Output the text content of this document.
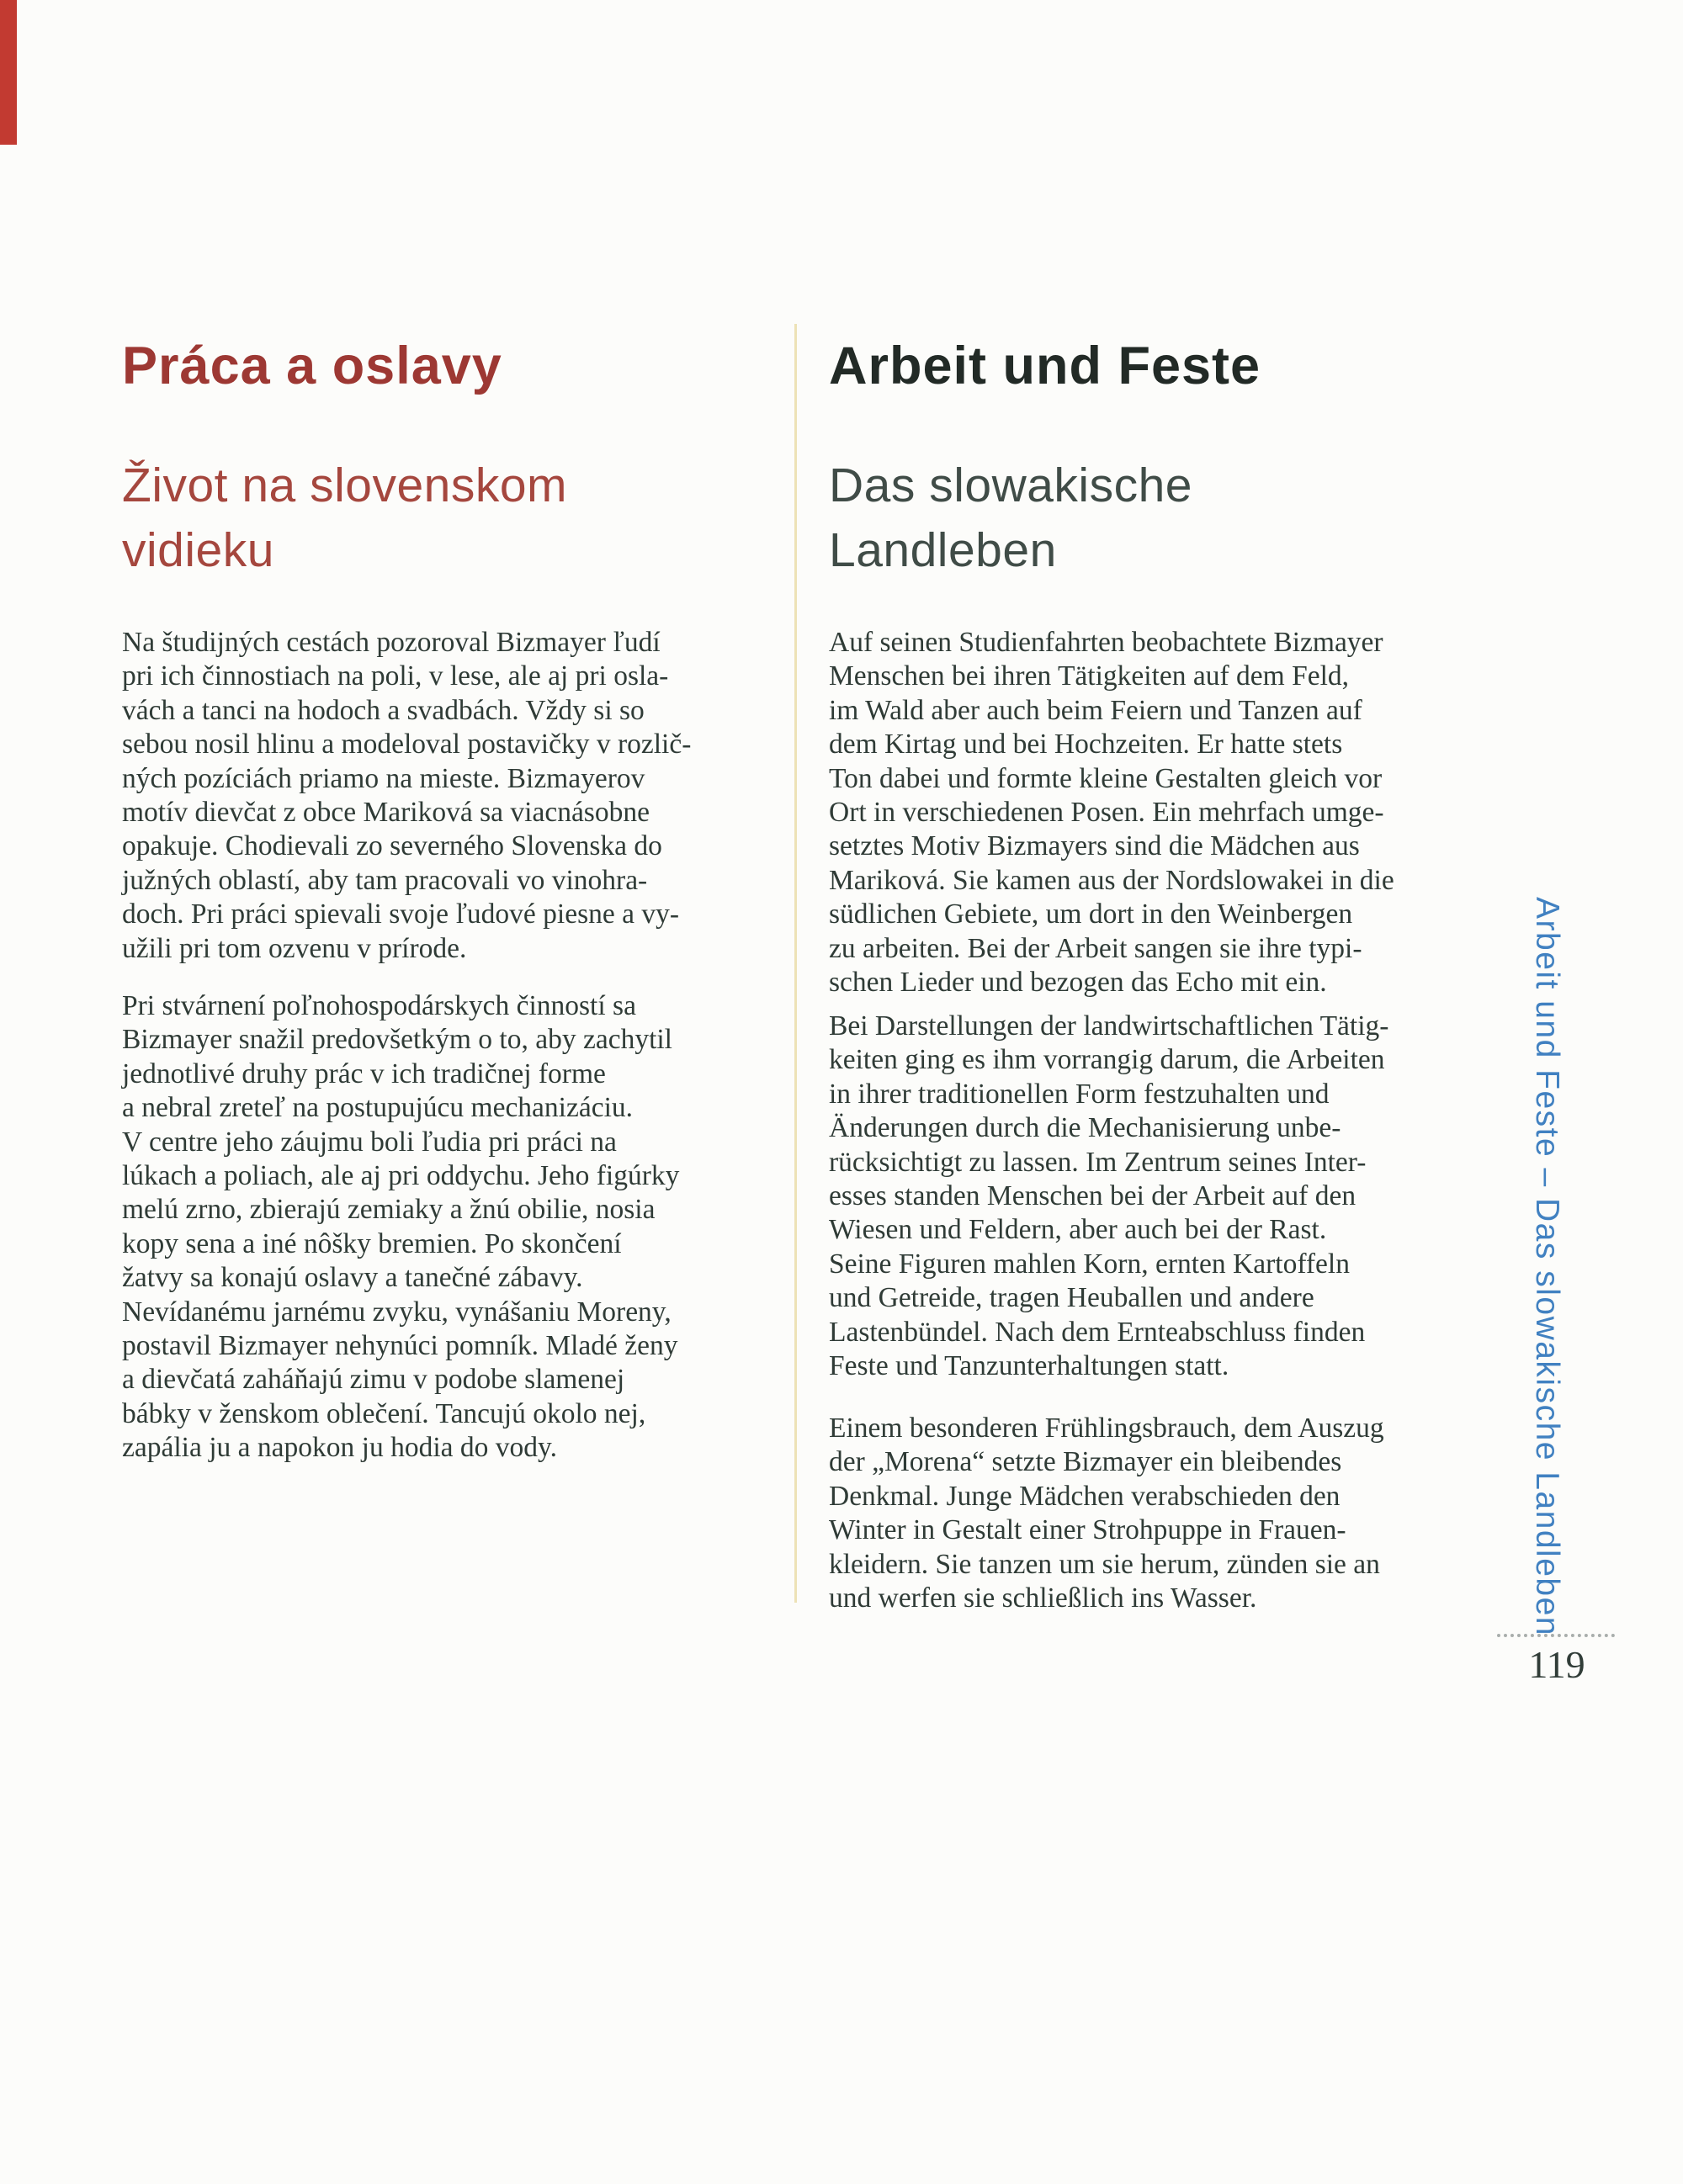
Práca a oslavy
Život na slovenskom
vidieku
Arbeit und Feste
Das slowakische
Landleben
Na študijných cestách pozoroval Bizmayer ľudí
pri ich činnostiach na poli, v lese, ale aj pri osla-
vách a tanci na hodoch a svadbách. Vždy si so
sebou nosil hlinu a modeloval postavičky v rozlič-
ných pozíciách priamo na mieste. Bizmayerov
motív dievčat z obce Mariková sa viacnásobne
opakuje. Chodievali zo severného Slovenska do
južných oblastí, aby tam pracovali vo vinohra-
doch. Pri práci spievali svoje ľudové piesne a vy-
užili pri tom ozvenu v prírode.
Pri stvárnení poľnohospodárskych činností sa
Bizmayer snažil predovšetkým o to, aby zachytil
jednotlivé druhy prác v ich tradičnej forme
a nebral zreteľ na postupujúcu mechanizáciu.
V centre jeho záujmu boli ľudia pri práci na
lúkach a poliach, ale aj pri oddychu. Jeho figúrky
melú zrno, zbierajú zemiaky a žnú obilie, nosia
kopy sena a iné nôšky bremien. Po skončení
žatvy sa konajú oslavy a tanečné zábavy.
Nevídanému jarnému zvyku, vynášaniu Moreny,
postavil Bizmayer nehynúci pomník. Mladé ženy
a dievčatá zaháňajú zimu v podobe slamenej
bábky v ženskom oblečení. Tancujú okolo nej,
zapália ju a napokon ju hodia do vody.
Auf seinen Studienfahrten beobachtete Bizmayer
Menschen bei ihren Tätigkeiten auf dem Feld,
im Wald aber auch beim Feiern und Tanzen auf
dem Kirtag und bei Hochzeiten. Er hatte stets
Ton dabei und formte kleine Gestalten gleich vor
Ort in verschiedenen Posen. Ein mehrfach umge-
setztes Motiv Bizmayers sind die Mädchen aus
Mariková. Sie kamen aus der Nordslowakei in die
südlichen Gebiete, um dort in den Weinbergen
zu arbeiten. Bei der Arbeit sangen sie ihre typi-
schen Lieder und bezogen das Echo mit ein.
Bei Darstellungen der landwirtschaftlichen Tätig-
keiten ging es ihm vorrangig darum, die Arbeiten
in ihrer traditionellen Form festzuhalten und
Änderungen durch die Mechanisierung unbe-
rücksichtigt zu lassen. Im Zentrum seines Inter-
esses standen Menschen bei der Arbeit auf den
Wiesen und Feldern, aber auch bei der Rast.
Seine Figuren mahlen Korn, ernten Kartoffeln
und Getreide, tragen Heuballen und andere
Lastenbündel. Nach dem Ernteabschluss finden
Feste und Tanzunterhaltungen statt.
Einem besonderen Frühlingsbrauch, dem Auszug
der „Morena“ setzte Bizmayer ein bleibendes
Denkmal. Junge Mädchen verabschieden den
Winter in Gestalt einer Strohpuppe in Frauen-
kleidern. Sie tanzen um sie herum, zünden sie an
und werfen sie schließlich ins Wasser.	Arbeit und Feste – Das slowakische Landleben
119
